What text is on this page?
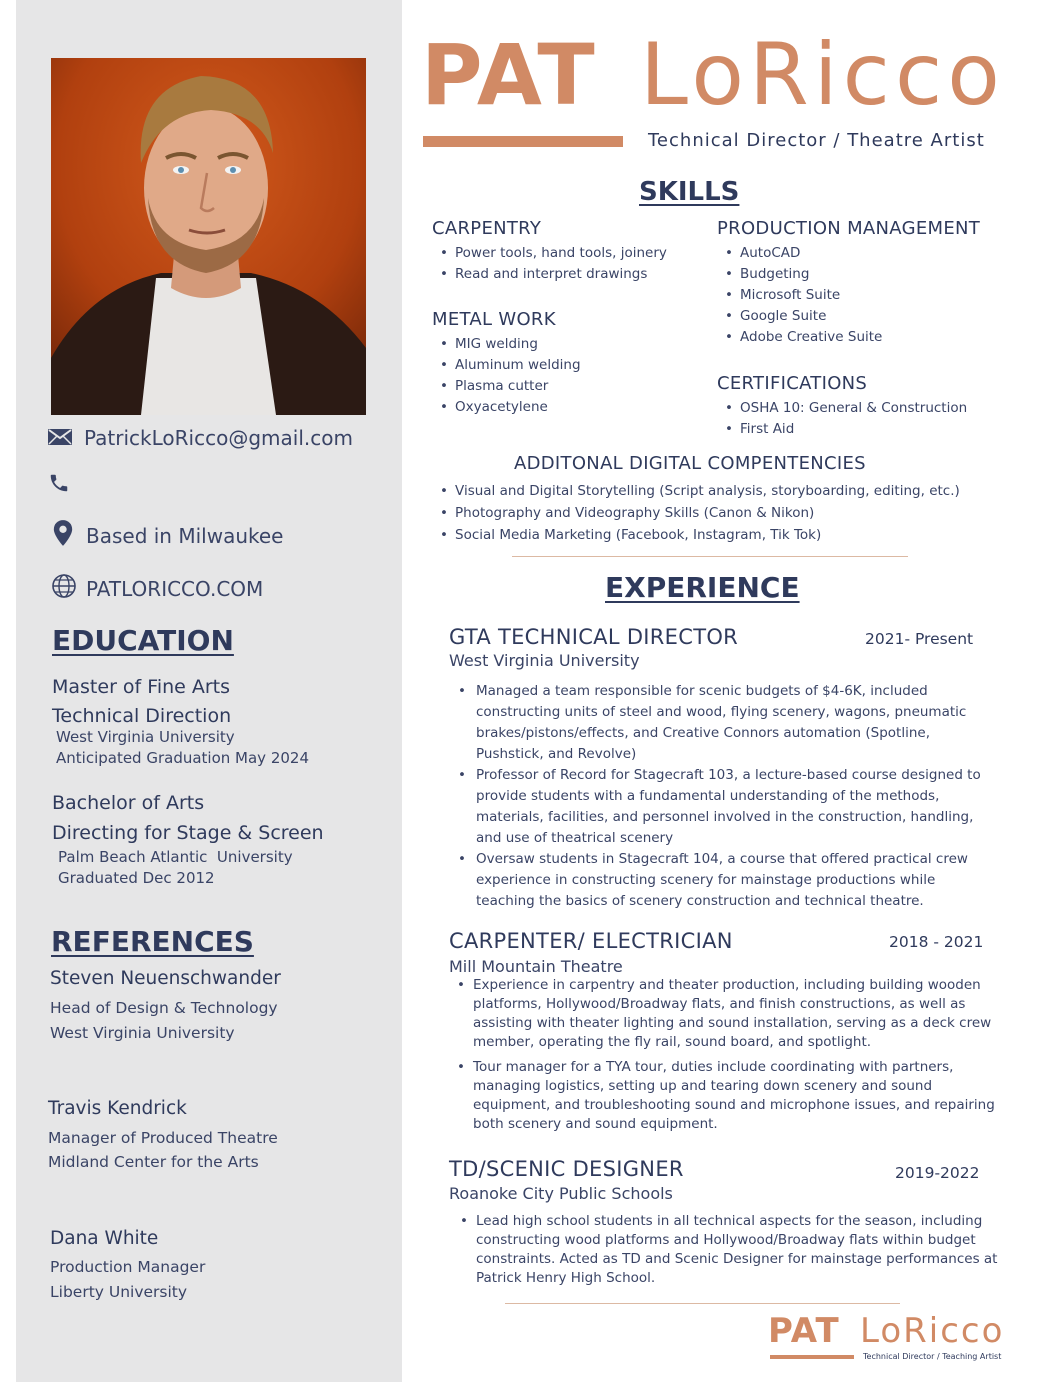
PatrickLoRicco@gmail.com
Based in Milwaukee
PATLORICCO.COM
EDUCATION
Master of Fine Arts
Technical Direction
West Virginia University
Anticipated Graduation May 2024
Bachelor of Arts
Directing for Stage & Screen
Palm Beach Atlantic  University
Graduated Dec 2012
REFERENCES
Steven Neuenschwander
Head of Design & Technology
West Virginia University
Travis Kendrick
Manager of Produced Theatre
Midland Center for the Arts
Dana White
Production Manager
Liberty University
PAT LoRicco
Technical Director / Theatre Artist
SKILLS
CARPENTRY
• Power tools, hand tools, joinery
• Read and interpret drawings
METAL WORK
• MIG welding
• Aluminum welding
• Plasma cutter
• Oxyacetylene
PRODUCTION MANAGEMENT
• AutoCAD
• Budgeting
• Microsoft Suite
• Google Suite
• Adobe Creative Suite
CERTIFICATIONS
• OSHA 10: General & Construction
• First Aid
ADDITONAL DIGITAL COMPENTENCIES
• Visual and Digital Storytelling (Script analysis, storyboarding, editing, etc.)
• Photography and Videography Skills (Canon & Nikon)
• Social Media Marketing (Facebook, Instagram, Tik Tok)
EXPERIENCE
GTA TECHNICAL DIRECTOR	2021- Present
West Virginia University
• Managed a team responsible for scenic budgets of $4-6K, included constructing units of steel and wood, flying scenery, wagons, pneumatic brakes/pistons/effects, and Creative Connors automation (Spotline, Pushstick, and Revolve)
• Professor of Record for Stagecraft 103, a lecture-based course designed to provide students with a fundamental understanding of the methods, materials, facilities, and personnel involved in the construction, handling, and use of theatrical scenery
• Oversaw students in Stagecraft 104, a course that offered practical crew experience in constructing scenery for mainstage productions while teaching the basics of scenery construction and technical theatre.
CARPENTER/ ELECTRICIAN	2018 - 2021
Mill Mountain Theatre
• Experience in carpentry and theater production, including building wooden platforms, Hollywood/Broadway flats, and finish constructions, as well as assisting with theater lighting and sound installation, serving as a deck crew member, operating the fly rail, sound board, and spotlight.
• Tour manager for a TYA tour, duties include coordinating with partners, managing logistics, setting up and tearing down scenery and sound equipment, and troubleshooting sound and microphone issues, and repairing both scenery and sound equipment.
TD/SCENIC DESIGNER	2019-2022
Roanoke City Public Schools
• Lead high school students in all technical aspects for the season, including constructing wood platforms and Hollywood/Broadway flats within budget constraints. Acted as TD and Scenic Designer for mainstage performances at Patrick Henry High School.
PAT LoRicco
Technical Director / Teaching Artist
